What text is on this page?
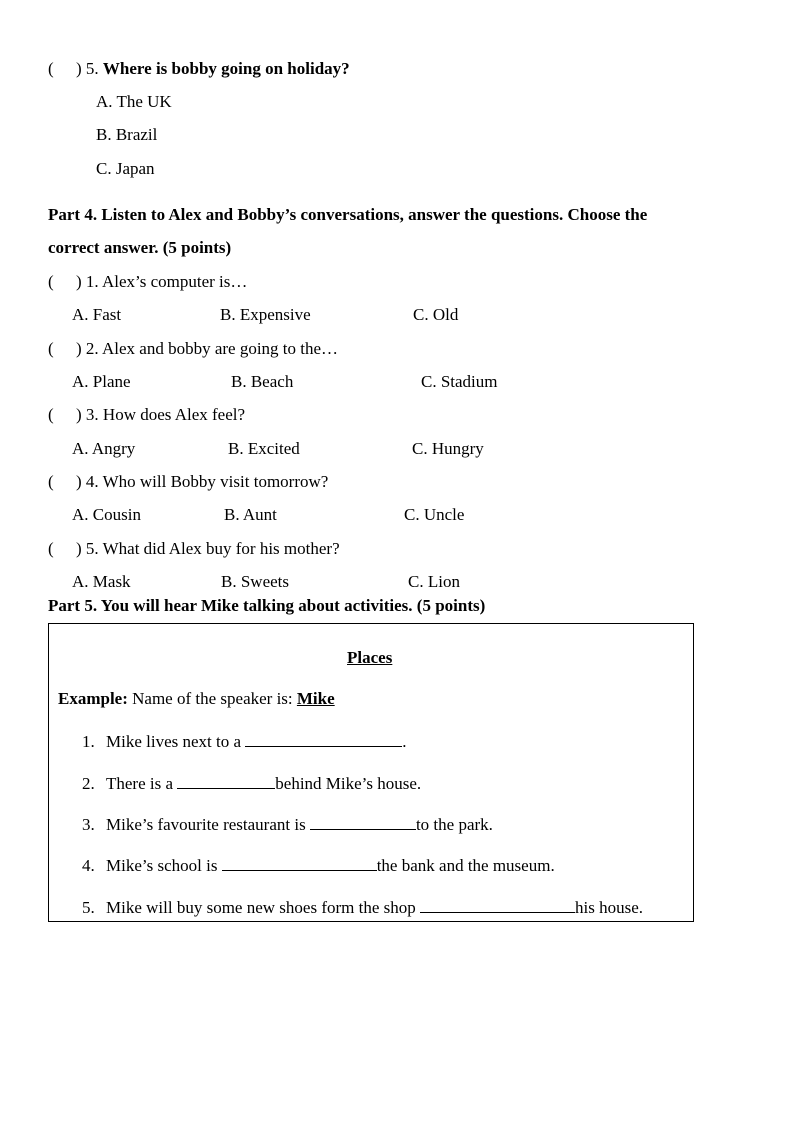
( ) 5. Where is bobby going on holiday?
A. The UK
B. Brazil
C. Japan
Part 4. Listen to Alex and Bobby’s conversations, answer the questions. Choose the
correct answer. (5 points)
( ) 1. Alex’s computer is…
A. Fast	B. Expensive	C. Old
( ) 2. Alex and bobby are going to the…
A. Plane	B. Beach	C. Stadium
( ) 3. How does Alex feel?
A. Angry	B. Excited	C. Hungry
( ) 4. Who will Bobby visit tomorrow?
A. Cousin	B. Aunt	C. Uncle
( ) 5. What did Alex buy for his mother?
A. Mask	B. Sweets	C. Lion
Part 5. You will hear Mike talking about activities. (5 points)
Places
Example: Name of the speaker is: Mike
1. Mike lives next to a	.
2. There is a	behind Mike’s house.
3. Mike’s favourite restaurant is	to the park.
4. Mike’s school is	the bank and the museum.
5. Mike will buy some new shoes form the shop	his house.
